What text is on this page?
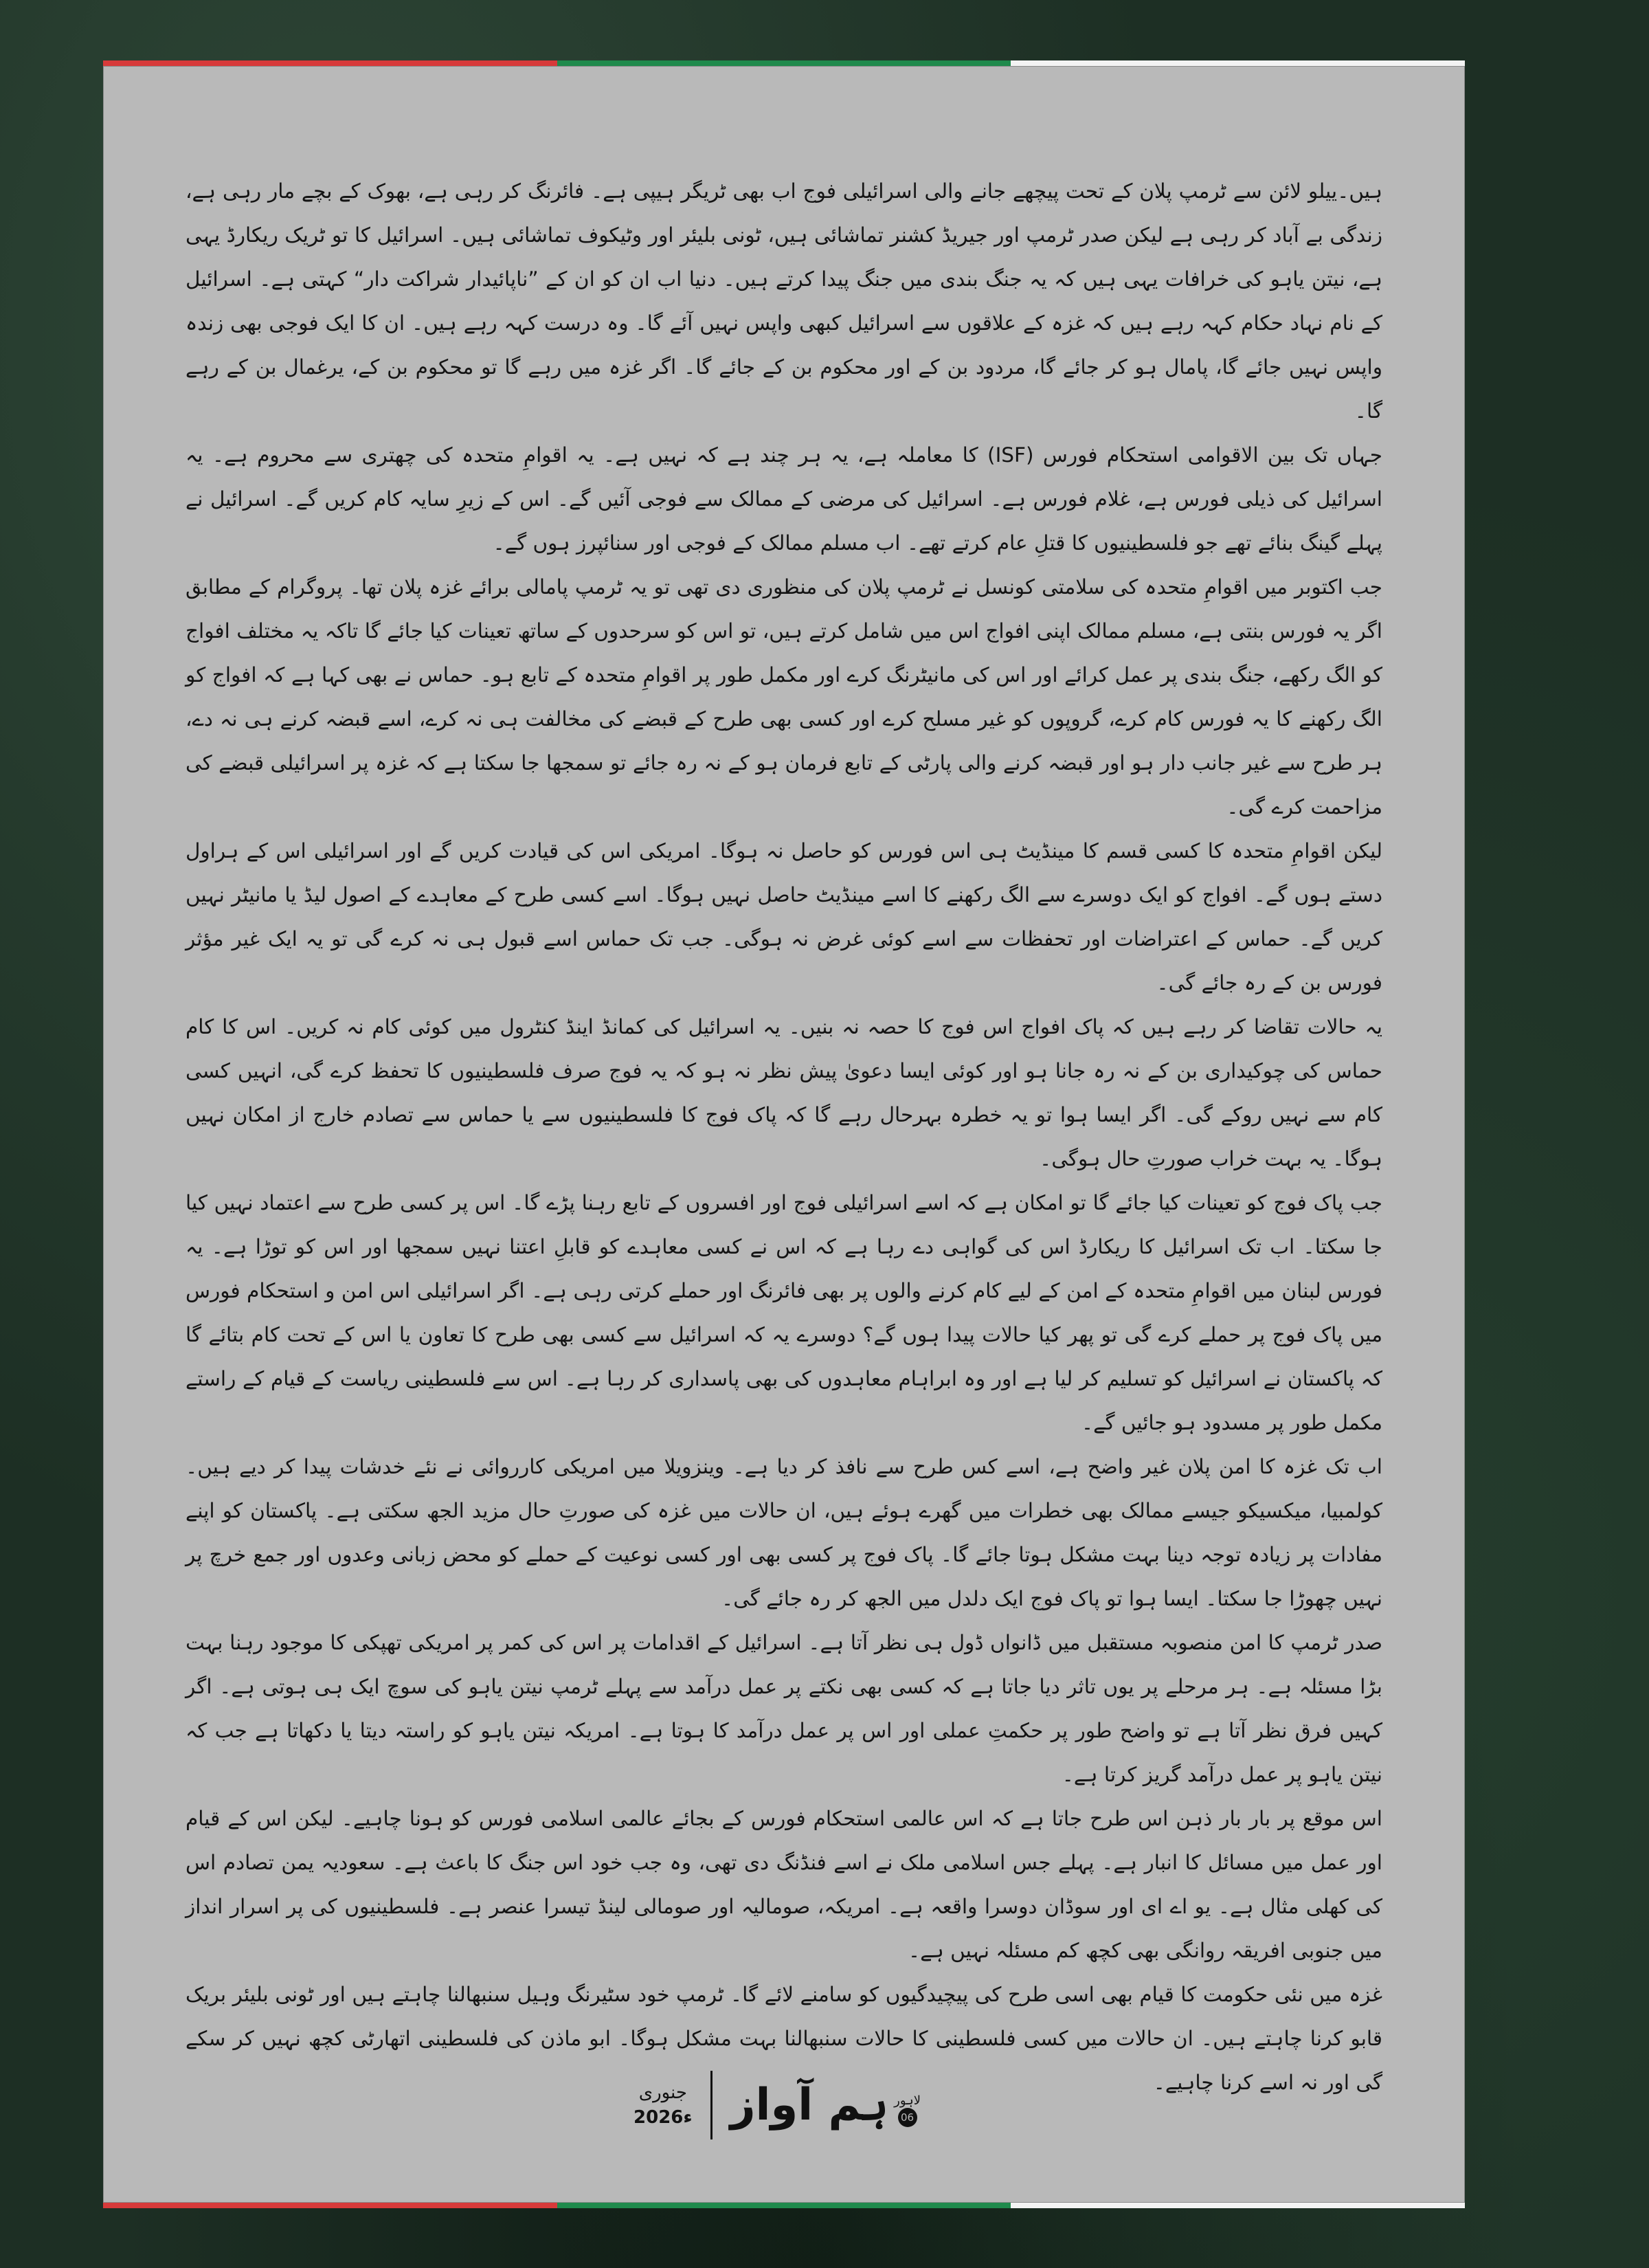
ہیں۔ییلو لائن سے ٹرمپ پلان کے تحت پیچھے جانے والی اسرائیلی فوج اب بھی ٹریگر ہیپی ہے۔ فائرنگ کر رہی ہے، بھوک کے بچے مار رہی ہے، زندگی بے آباد کر رہی ہے لیکن صدر ٹرمپ اور جیریڈ کشنر تماشائی ہیں، ٹونی بلیئر اور وٹیکوف تماشائی ہیں۔ اسرائیل کا تو ٹریک ریکارڈ یہی ہے، نیتن یاہو کی خرافات یہی ہیں کہ یہ جنگ بندی میں جنگ پیدا کرتے ہیں۔ دنیا اب ان کو ان کے ”ناپائیدار شراکت دار“ کہتی ہے۔ اسرائیل کے نام نہاد حکام کہہ رہے ہیں کہ غزہ کے علاقوں سے اسرائیل کبھی واپس نہیں آئے گا۔ وہ درست کہہ رہے ہیں۔ ان کا ایک فوجی بھی زندہ واپس نہیں جائے گا، پامال ہو کر جائے گا، مردود بن کے اور محکوم بن کے جائے گا۔ اگر غزہ میں رہے گا تو محکوم بن کے، یرغمال بن کے رہے گا۔

جہاں تک بین الاقوامی استحکام فورس (ISF) کا معاملہ ہے، یہ ہر چند ہے کہ نہیں ہے۔ یہ اقوامِ متحدہ کی چھتری سے محروم ہے۔ یہ اسرائیل کی ذیلی فورس ہے، غلام فورس ہے۔ اسرائیل کی مرضی کے ممالک سے فوجی آئیں گے۔ اس کے زیرِ سایہ کام کریں گے۔ اسرائیل نے پہلے گینگ بنائے تھے جو فلسطینیوں کا قتلِ عام کرتے تھے۔ اب مسلم ممالک کے فوجی اور سنائپرز ہوں گے۔

جب اکتوبر میں اقوامِ متحدہ کی سلامتی کونسل نے ٹرمپ پلان کی منظوری دی تھی تو یہ ٹرمپ پامالی برائے غزہ پلان تھا۔ پروگرام کے مطابق اگر یہ فورس بنتی ہے، مسلم ممالک اپنی افواج اس میں شامل کرتے ہیں، تو اس کو سرحدوں کے ساتھ تعینات کیا جائے گا تاکہ یہ مختلف افواج کو الگ رکھے، جنگ بندی پر عمل کرائے اور اس کی مانیٹرنگ کرے اور مکمل طور پر اقوامِ متحدہ کے تابع ہو۔ حماس نے بھی کہا ہے کہ افواج کو الگ رکھنے کا یہ فورس کام کرے، گروپوں کو غیر مسلح کرے اور کسی بھی طرح کے قبضے کی مخالفت ہی نہ کرے، اسے قبضہ کرنے ہی نہ دے، ہر طرح سے غیر جانب دار ہو اور قبضہ کرنے والی پارٹی کے تابع فرمان ہو کے نہ رہ جائے تو سمجھا جا سکتا ہے کہ غزہ پر اسرائیلی قبضے کی مزاحمت کرے گی۔

لیکن اقوامِ متحدہ کا کسی قسم کا مینڈیٹ ہی اس فورس کو حاصل نہ ہوگا۔ امریکی اس کی قیادت کریں گے اور اسرائیلی اس کے ہراول دستے ہوں گے۔ افواج کو ایک دوسرے سے الگ رکھنے کا اسے مینڈیٹ حاصل نہیں ہوگا۔ اسے کسی طرح کے معاہدے کے اصول لیڈ یا مانیٹر نہیں کریں گے۔ حماس کے اعتراضات اور تحفظات سے اسے کوئی غرض نہ ہوگی۔ جب تک حماس اسے قبول ہی نہ کرے گی تو یہ ایک غیر مؤثر فورس بن کے رہ جائے گی۔

یہ حالات تقاضا کر رہے ہیں کہ پاک افواج اس فوج کا حصہ نہ بنیں۔ یہ اسرائیل کی کمانڈ اینڈ کنٹرول میں کوئی کام نہ کریں۔ اس کا کام حماس کی چوکیداری بن کے نہ رہ جانا ہو اور کوئی ایسا دعویٰ پیش نظر نہ ہو کہ یہ فوج صرف فلسطینیوں کا تحفظ کرے گی، انہیں کسی کام سے نہیں روکے گی۔ اگر ایسا ہوا تو یہ خطرہ بہرحال رہے گا کہ پاک فوج کا فلسطینیوں سے یا حماس سے تصادم خارج از امکان نہیں ہوگا۔ یہ بہت خراب صورتِ حال ہوگی۔

جب پاک فوج کو تعینات کیا جائے گا تو امکان ہے کہ اسے اسرائیلی فوج اور افسروں کے تابع رہنا پڑے گا۔ اس پر کسی طرح سے اعتماد نہیں کیا جا سکتا۔ اب تک اسرائیل کا ریکارڈ اس کی گواہی دے رہا ہے کہ اس نے کسی معاہدے کو قابلِ اعتنا نہیں سمجھا اور اس کو توڑا ہے۔ یہ فورس لبنان میں اقوامِ متحدہ کے امن کے لیے کام کرنے والوں پر بھی فائرنگ اور حملے کرتی رہی ہے۔ اگر اسرائیلی اس امن و استحکام فورس میں پاک فوج پر حملے کرے گی تو پھر کیا حالات پیدا ہوں گے؟ دوسرے یہ کہ اسرائیل سے کسی بھی طرح کا تعاون یا اس کے تحت کام بتائے گا کہ پاکستان نے اسرائیل کو تسلیم کر لیا ہے اور وہ ابراہام معاہدوں کی بھی پاسداری کر رہا ہے۔ اس سے فلسطینی ریاست کے قیام کے راستے مکمل طور پر مسدود ہو جائیں گے۔

اب تک غزہ کا امن پلان غیر واضح ہے، اسے کس طرح سے نافذ کر دیا ہے۔ وینزویلا میں امریکی کارروائی نے نئے خدشات پیدا کر دیے ہیں۔ کولمبیا، میکسیکو جیسے ممالک بھی خطرات میں گھرے ہوئے ہیں، ان حالات میں غزہ کی صورتِ حال مزید الجھ سکتی ہے۔ پاکستان کو اپنے مفادات پر زیادہ توجہ دینا بہت مشکل ہوتا جائے گا۔ پاک فوج پر کسی بھی اور کسی نوعیت کے حملے کو محض زبانی وعدوں اور جمع خرچ پر نہیں چھوڑا جا سکتا۔ ایسا ہوا تو پاک فوج ایک دلدل میں الجھ کر رہ جائے گی۔

صدر ٹرمپ کا امن منصوبہ مستقبل میں ڈانواں ڈول ہی نظر آتا ہے۔ اسرائیل کے اقدامات پر اس کی کمر پر امریکی تھپکی کا موجود رہنا بہت بڑا مسئلہ ہے۔ ہر مرحلے پر یوں تاثر دیا جاتا ہے کہ کسی بھی نکتے پر عمل درآمد سے پہلے ٹرمپ نیتن یاہو کی سوچ ایک ہی ہوتی ہے۔ اگر کہیں فرق نظر آتا ہے تو واضح طور پر حکمتِ عملی اور اس پر عمل درآمد کا ہوتا ہے۔ امریکہ نیتن یاہو کو راستہ دیتا یا دکھاتا ہے جب کہ نیتن یاہو پر عمل درآمد گریز کرتا ہے۔

اس موقع پر بار بار ذہن اس طرح جاتا ہے کہ اس عالمی استحکام فورس کے بجائے عالمی اسلامی فورس کو ہونا چاہیے۔ لیکن اس کے قیام اور عمل میں مسائل کا انبار ہے۔ پہلے جس اسلامی ملک نے اسے فنڈنگ دی تھی، وہ جب خود اس جنگ کا باعث ہے۔ سعودیہ یمن تصادم اس کی کھلی مثال ہے۔ یو اے ای اور سوڈان دوسرا واقعہ ہے۔ امریکہ، صومالیہ اور صومالی لینڈ تیسرا عنصر ہے۔ فلسطینیوں کی پر اسرار انداز میں جنوبی افریقہ روانگی بھی کچھ کم مسئلہ نہیں ہے۔

غزہ میں نئی حکومت کا قیام بھی اسی طرح کی پیچیدگیوں کو سامنے لائے گا۔ ٹرمپ خود سٹیرنگ وہیل سنبھالنا چاہتے ہیں اور ٹونی بلیئر بریک قابو کرنا چاہتے ہیں۔ ان حالات میں کسی فلسطینی کا حالات سنبھالنا بہت مشکل ہوگا۔ ابو ماذن کی فلسطینی اتھارٹی کچھ نہیں کر سکے گی اور نہ اسے کرنا چاہیے۔

جنوری
2026ء ہم آواز لاہور
06
